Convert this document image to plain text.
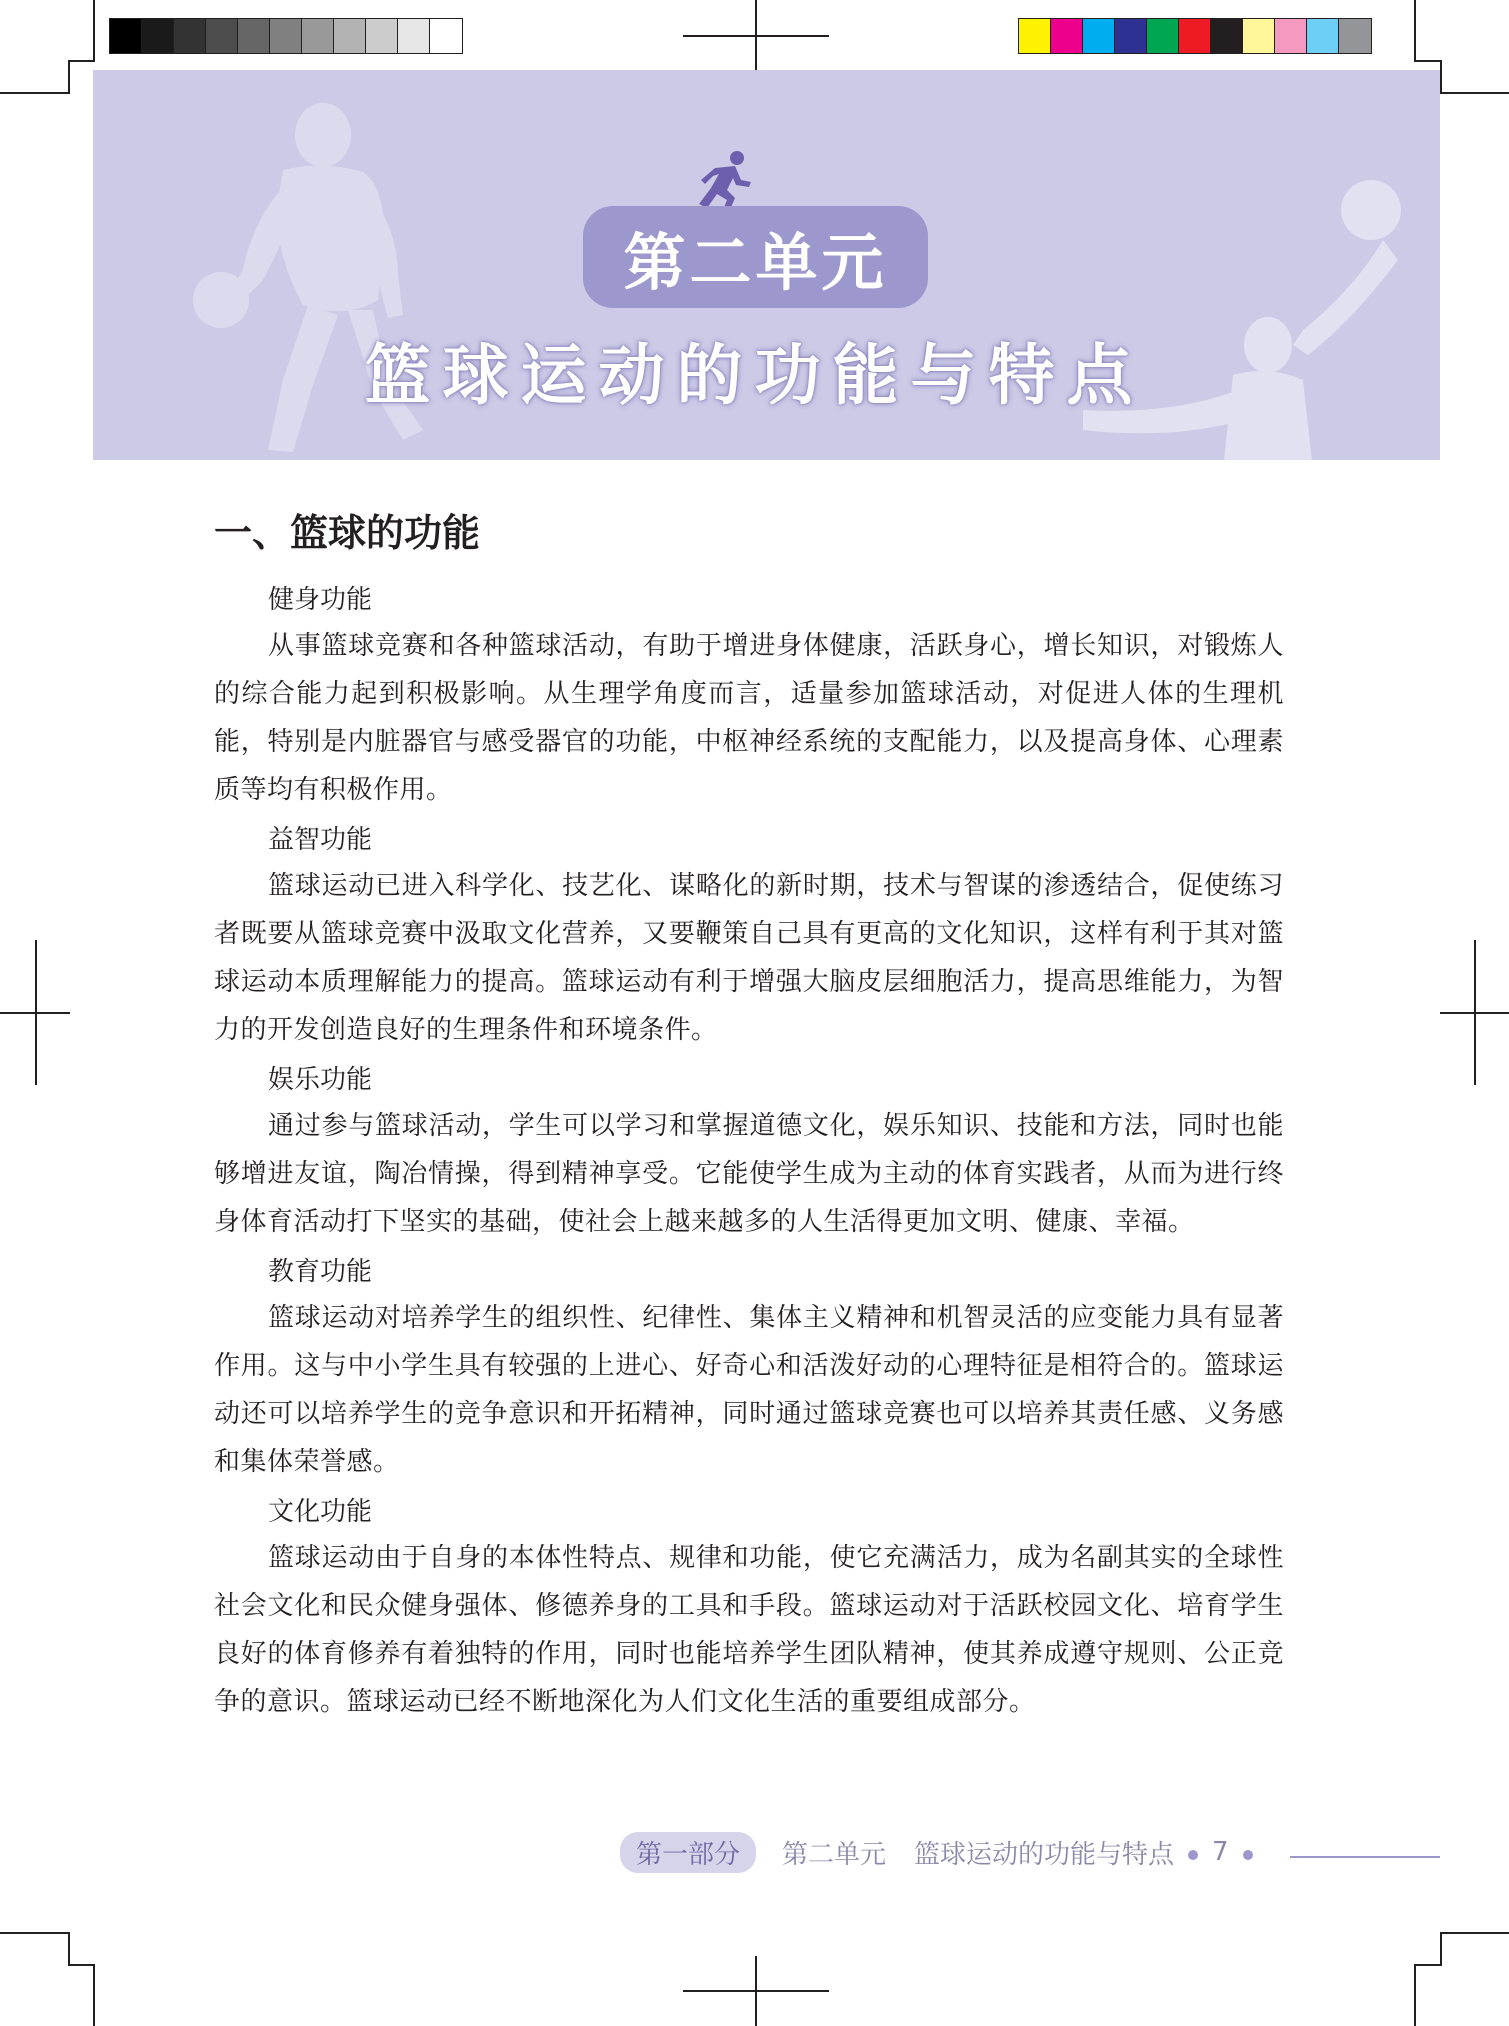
第二单元
篮球运动的功能与特点
一、篮球的功能
健身功能

从事篮球竞赛和各种篮球活动，有助于增进身体健康，活跃身心，增长知识，对锻炼人的综合能力起到积极影响。从生理学角度而言，适量参加篮球活动，对促进人体的生理机能，特别是内脏器官与感受器官的功能，中枢神经系统的支配能力，以及提高身体、心理素质等均有积极作用。

益智功能

篮球运动已进入科学化、技艺化、谋略化的新时期，技术与智谋的渗透结合，促使练习者既要从篮球竞赛中汲取文化营养，又要鞭策自己具有更高的文化知识，这样有利于其对篮球运动本质理解能力的提高。篮球运动有利于增强大脑皮层细胞活力，提高思维能力，为智力的开发创造良好的生理条件和环境条件。

娱乐功能

通过参与篮球活动，学生可以学习和掌握道德文化，娱乐知识、技能和方法，同时也能够增进友谊，陶冶情操，得到精神享受。它能使学生成为主动的体育实践者，从而为进行终身体育活动打下坚实的基础，使社会上越来越多的人生活得更加文明、健康、幸福。

教育功能

篮球运动对培养学生的组织性、纪律性、集体主义精神和机智灵活的应变能力具有显著作用。这与中小学生具有较强的上进心、好奇心和活泼好动的心理特征是相符合的。篮球运动还可以培养学生的竞争意识和开拓精神，同时通过篮球竞赛也可以培养其责任感、义务感和集体荣誉感。

文化功能

篮球运动由于自身的本体性特点、规律和功能，使它充满活力，成为名副其实的全球性社会文化和民众健身强体、修德养身的工具和手段。篮球运动对于活跃校园文化、培育学生良好的体育修养有着独特的作用，同时也能培养学生团队精神，使其养成遵守规则、公正竞争的意识。篮球运动已经不断地深化为人们文化生活的重要组成部分。

第一部分	第二单元 篮球运动的功能与特点 7
